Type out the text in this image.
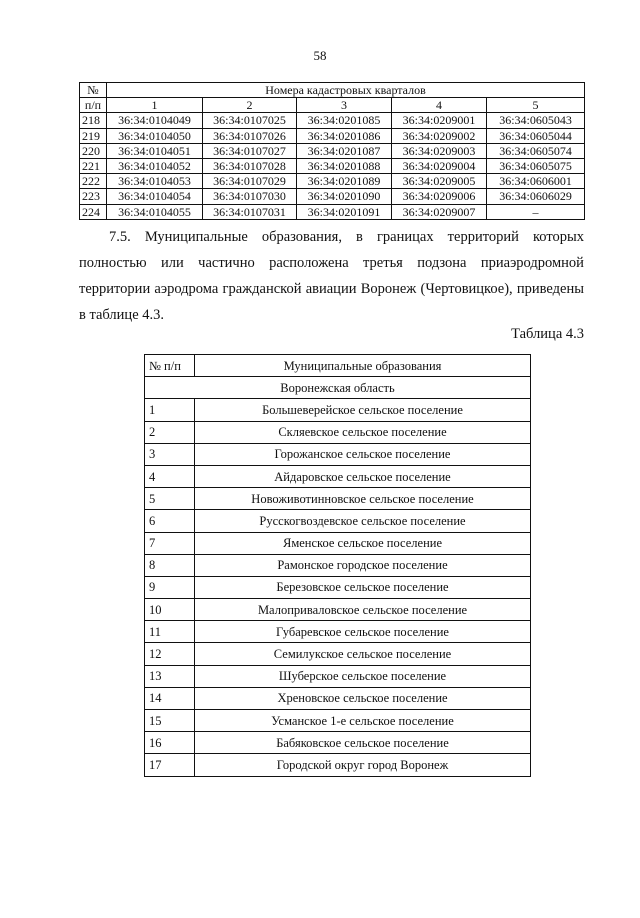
58
№	Номера кадастровых кварталов				
п/п	1	2	3	4	5
218	36:34:0104049	36:34:0107025	36:34:0201085	36:34:0209001	36:34:0605043
219	36:34:0104050	36:34:0107026	36:34:0201086	36:34:0209002	36:34:0605044
220	36:34:0104051	36:34:0107027	36:34:0201087	36:34:0209003	36:34:0605074
221	36:34:0104052	36:34:0107028	36:34:0201088	36:34:0209004	36:34:0605075
222	36:34:0104053	36:34:0107029	36:34:0201089	36:34:0209005	36:34:0606001
223	36:34:0104054	36:34:0107030	36:34:0201090	36:34:0209006	36:34:0606029
224	36:34:0104055	36:34:0107031	36:34:0201091	36:34:0209007	–
7.5. Муниципальные образования, в границах территорий которых
полностью или частично расположена третья подзона приаэродромной
территории аэродрома гражданской авиации Воронеж (Чертовицкое), приведены
в таблице 4.3.
Таблица 4.3
№ п/п	Муниципальные образования
Воронежская область	
1	Большеверейское сельское поселение
2	Скляевское сельское поселение
3	Горожанское сельское поселение
4	Айдаровское сельское поселение
5	Новоживотинновское сельское поселение
6	Русскогвоздевское сельское поселение
7	Яменское сельское поселение
8	Рамонское городское поселение
9	Березовское сельское поселение
10	Малоприваловское сельское поселение
11	Губаревское сельское поселение
12	Семилукское сельское поселение
13	Шуберское сельское поселение
14	Хреновское сельское поселение
15	Усманское 1-е сельское поселение
16	Бабяковское сельское поселение
17	Городской округ город Воронеж
